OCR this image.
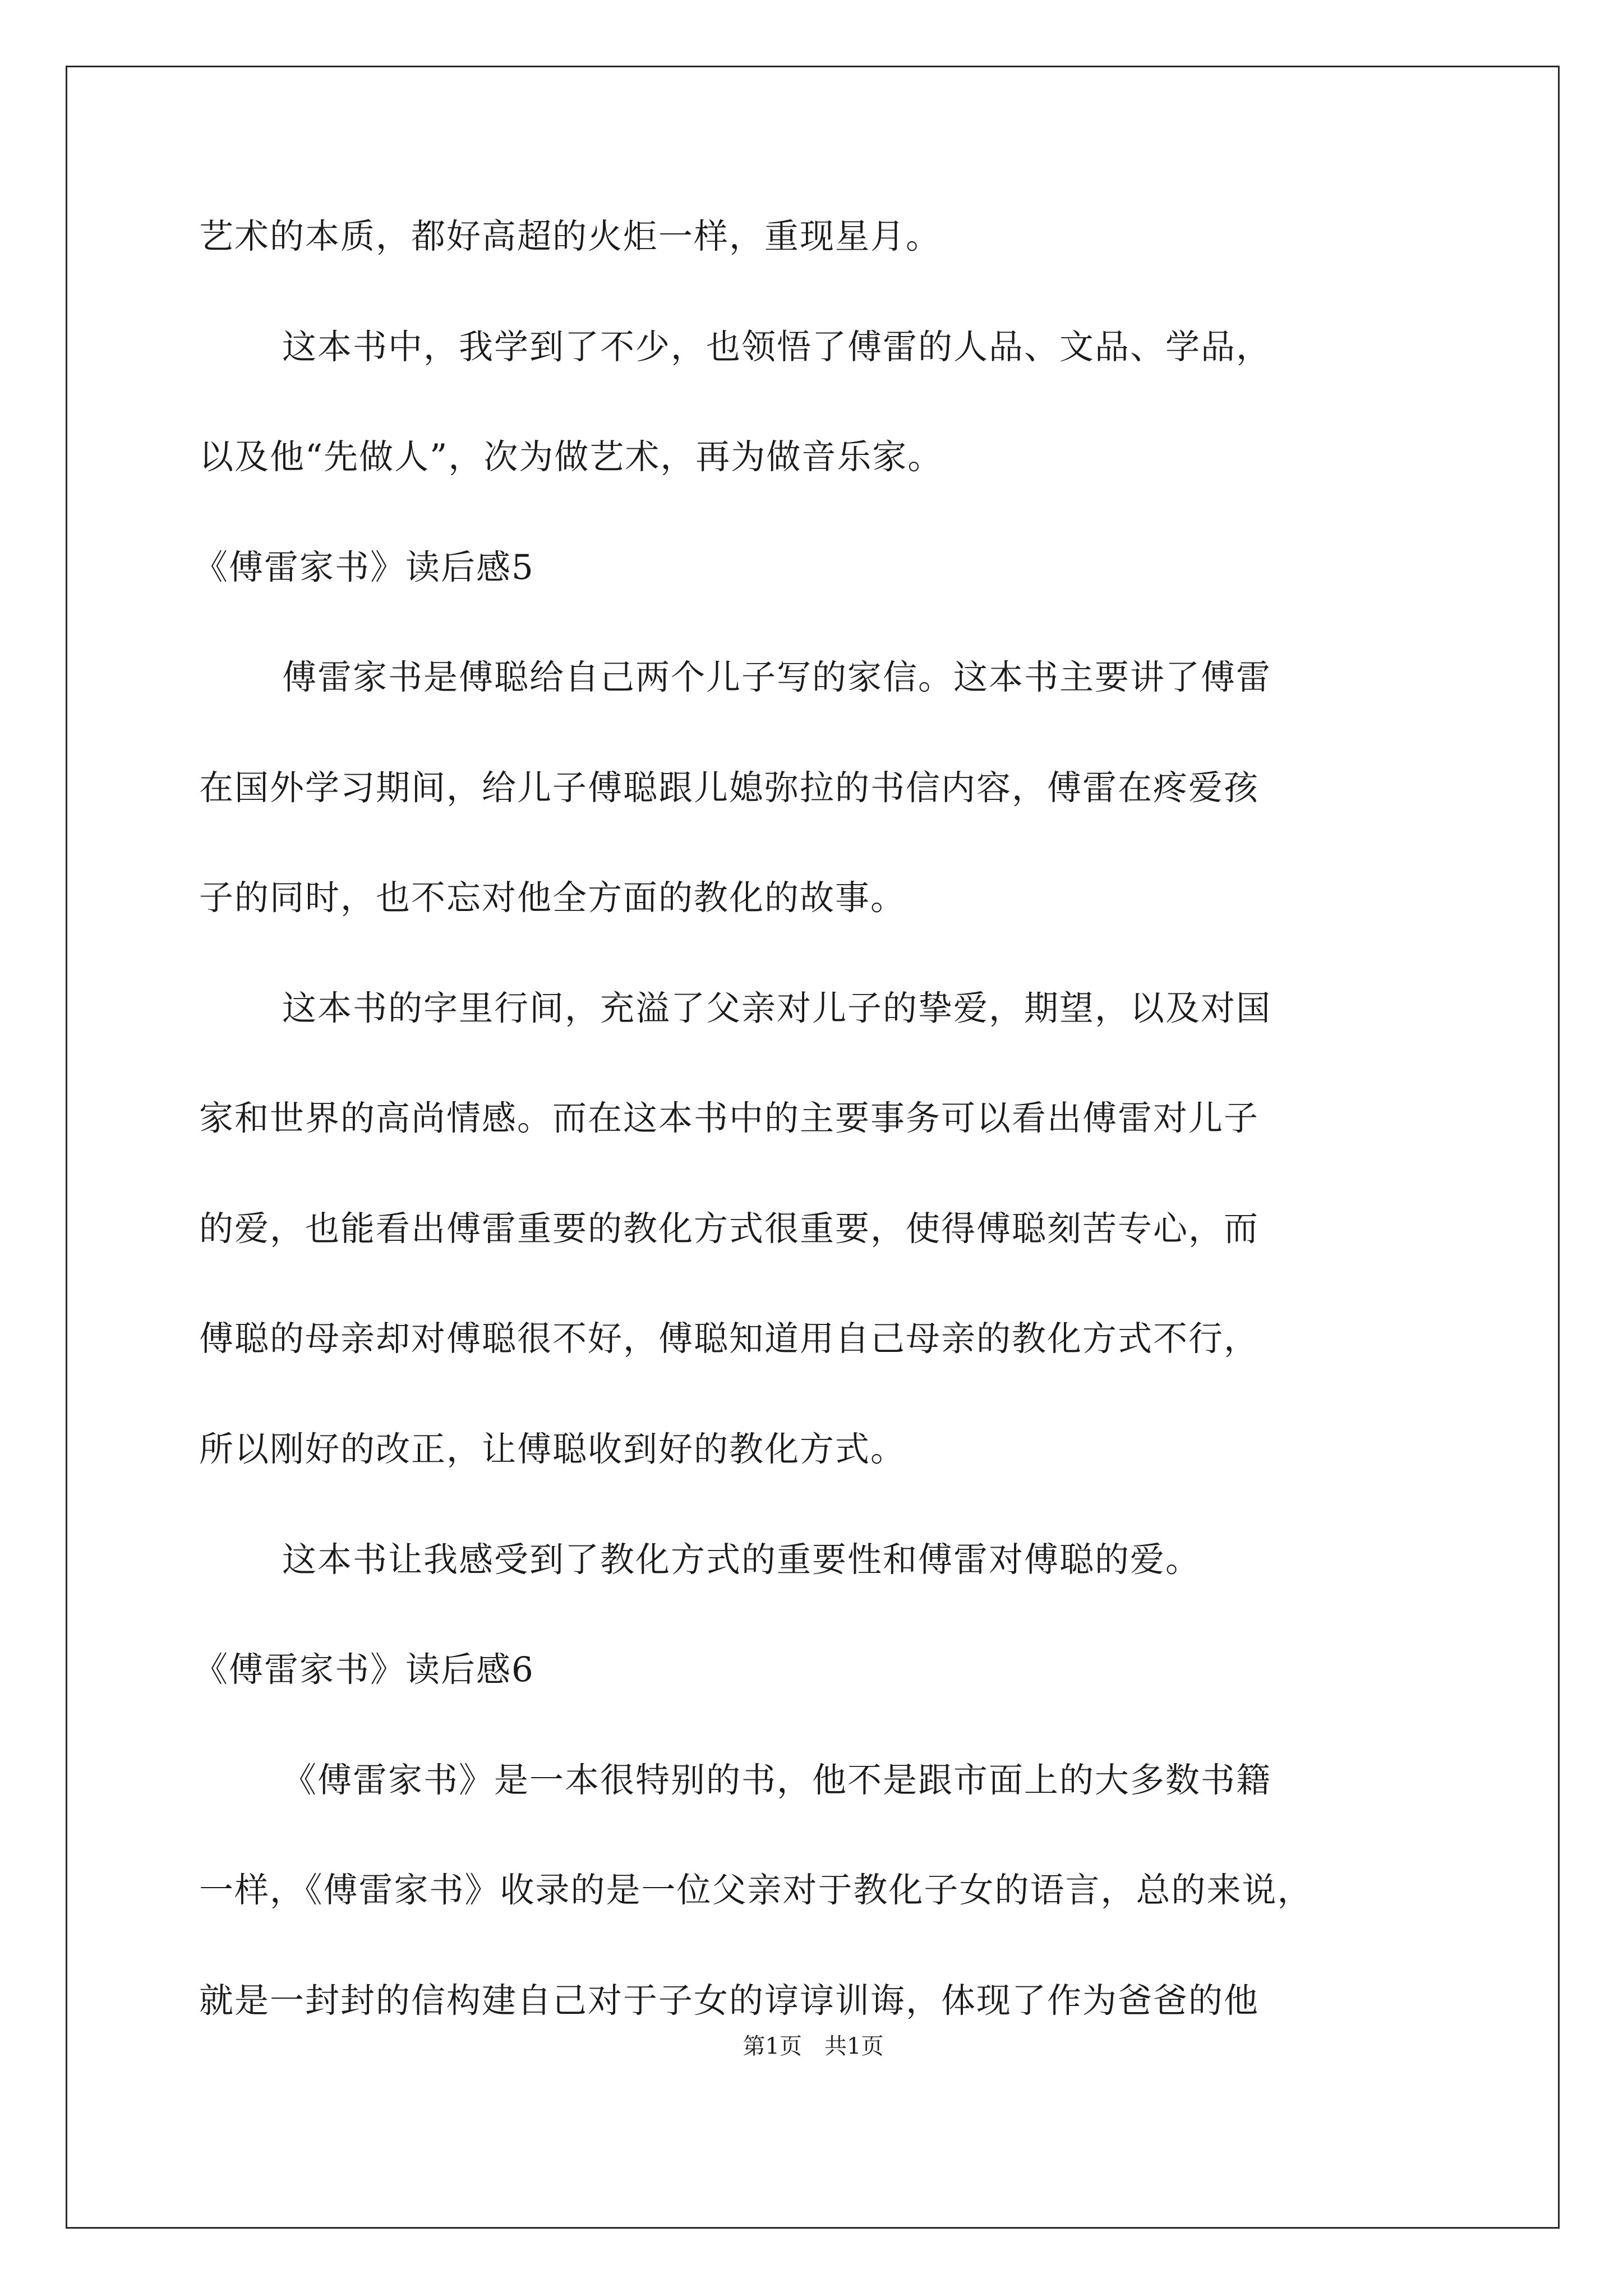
艺术的本质，都好高超的火炬一样，重现星月。
这本书中，我学到了不少，也领悟了傅雷的人品、文品、学品，
以及他“先做人”，次为做艺术，再为做音乐家。
《傅雷家书》读后感5
傅雷家书是傅聪给自己两个儿子写的家信。这本书主要讲了傅雷
在国外学习期间，给儿子傅聪跟儿媳弥拉的书信内容，傅雷在疼爱孩
子的同时，也不忘对他全方面的教化的故事。
这本书的字里行间，充溢了父亲对儿子的挚爱，期望，以及对国
家和世界的高尚情感。而在这本书中的主要事务可以看出傅雷对儿子
的爱，也能看出傅雷重要的教化方式很重要，使得傅聪刻苦专心，而
傅聪的母亲却对傅聪很不好，傅聪知道用自己母亲的教化方式不行，
所以刚好的改正，让傅聪收到好的教化方式。
这本书让我感受到了教化方式的重要性和傅雷对傅聪的爱。
《傅雷家书》读后感6
《傅雷家书》是一本很特别的书，他不是跟市面上的大多数书籍
一样，《傅雷家书》收录的是一位父亲对于教化子女的语言，总的来说，
就是一封封的信构建自己对于子女的谆谆训诲，体现了作为爸爸的他
第1页　共1页
